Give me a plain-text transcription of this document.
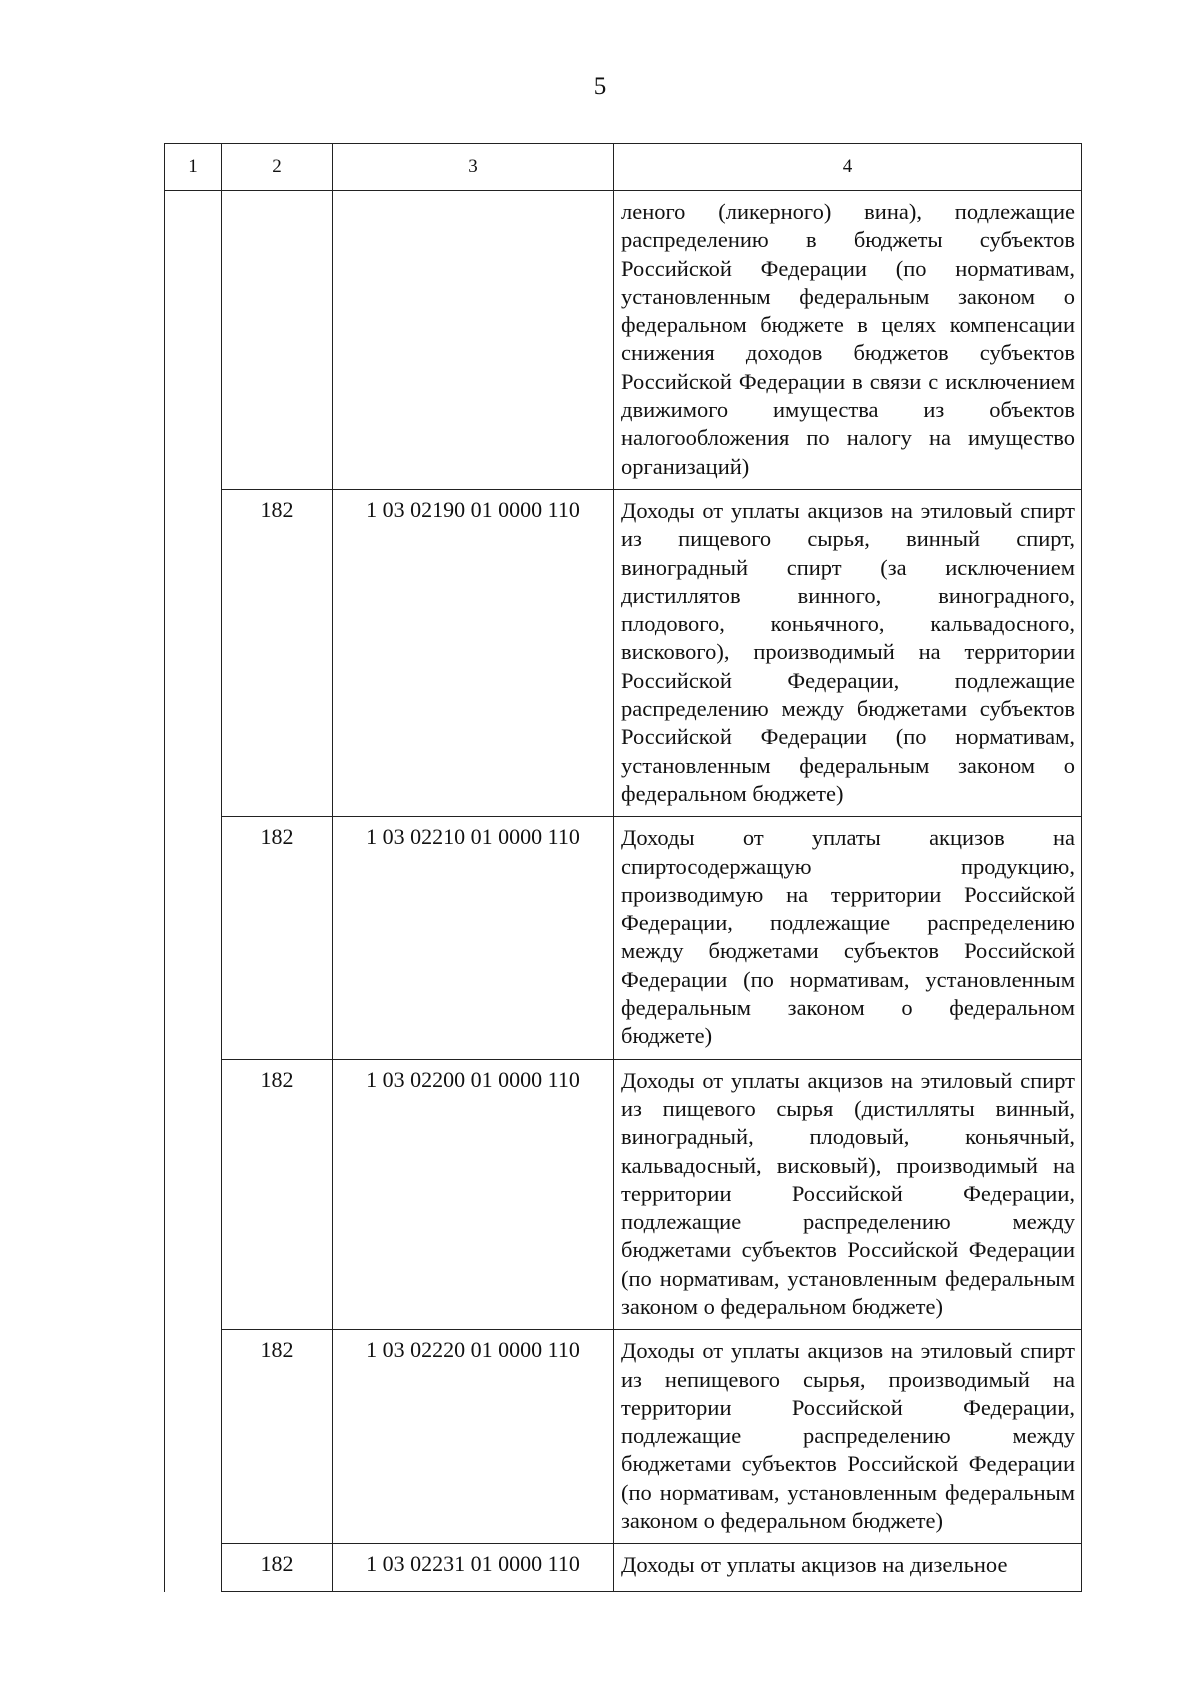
5
1	2	3	4
			леного (ликерного) вина), подлежащие распределению в бюджеты субъектов Российской Федерации (по нормативам, установленным федеральным законом о федеральном бюджете в целях компенсации снижения доходов бюджетов субъектов Российской Федерации в связи с исключением движимого имущества из объектов налогообложения по налогу на имущество организаций)
	182	1 03 02190 01 0000 110	Доходы от уплаты акцизов на этиловый спирт из пищевого сырья, винный спирт, виноградный спирт (за исключением дистиллятов винного, виноградного, плодового, коньячного, кальвадосного, вискового), производимый на территории Российской Федерации, подлежащие распределению между бюджетами субъектов Российской Федерации (по нормативам, установленным федеральным законом о федеральном бюджете)
	182	1 03 02210 01 0000 110	Доходы от уплаты акцизов на спиртосодержащую продукцию, производимую на территории Российской Федерации, подлежащие распределению между бюджетами субъектов Российской Федерации (по нормативам, установленным федеральным законом о федеральном бюджете)
	182	1 03 02200 01 0000 110	Доходы от уплаты акцизов на этиловый спирт из пищевого сырья (дистилляты винный, виноградный, плодовый, коньячный, кальвадосный, висковый), производимый на территории Российской Федерации, подлежащие распределению между бюджетами субъектов Российской Федерации (по нормативам, установленным федеральным законом о федеральном бюджете)
	182	1 03 02220 01 0000 110	Доходы от уплаты акцизов на этиловый спирт из непищевого сырья, производимый на территории Российской Федерации, подлежащие распределению между бюджетами субъектов Российской Федерации (по нормативам, установленным федеральным законом о федеральном бюджете)
	182	1 03 02231 01 0000 110	Доходы от уплаты акцизов на дизельное
